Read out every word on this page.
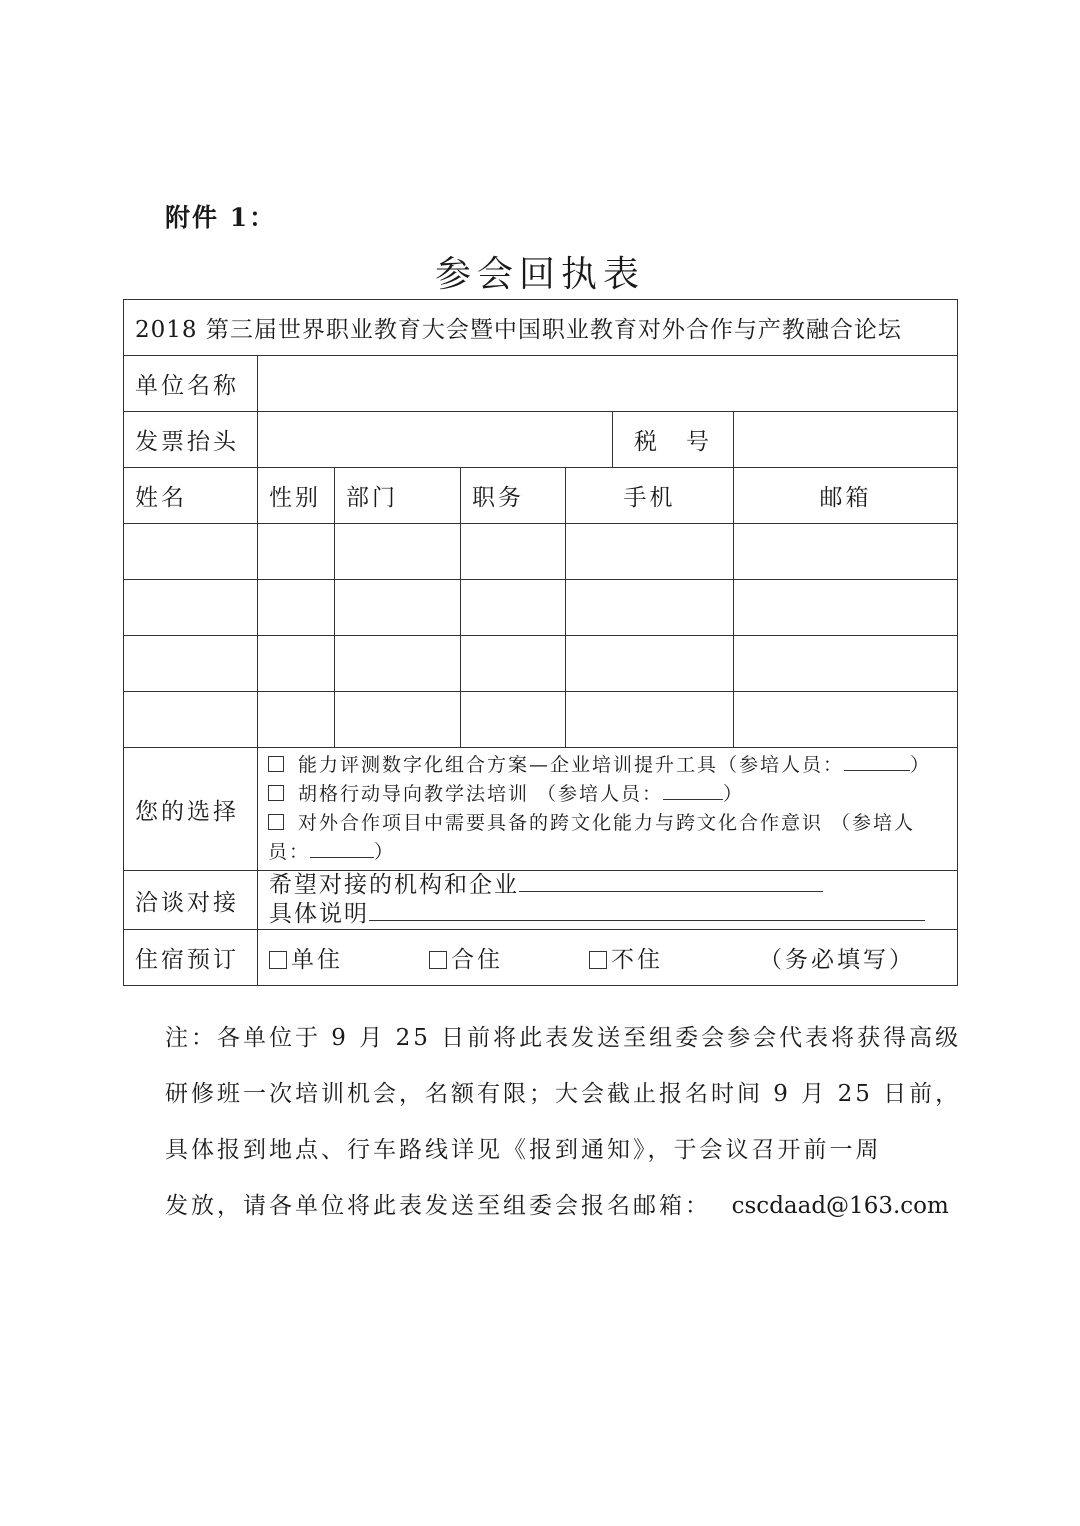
附件 1：
参会回执表
2018 第三届世界职业教育大会暨中国职业教育对外合作与产教融合论坛						
单位名称						
发票抬头					税　号	
姓名	性别	部门	职务	手机		邮箱

您的选择	能力评测数字化组合方案—企业培训提升工具（参培人员： ）
胡格行动导向教学法培训 （参培人员： ）
对外合作项目中需要具备的跨文化能力与跨文化合作意识 （参培人员： ）					

洽谈对接	希望对接的机构和企业
具体说明					

住宿预订	单住 合住 不住 （务必填写）					
注：各单位于 9 月 25 日前将此表发送至组委会参会代表将获得高级
研修班一次培训机会，名额有限；大会截止报名时间 9 月 25 日前，
具体报到地点、行车路线详见《报到通知》，于会议召开前一周
发放，请各单位将此表发送至组委会报名邮箱： cscdaad@163.com
